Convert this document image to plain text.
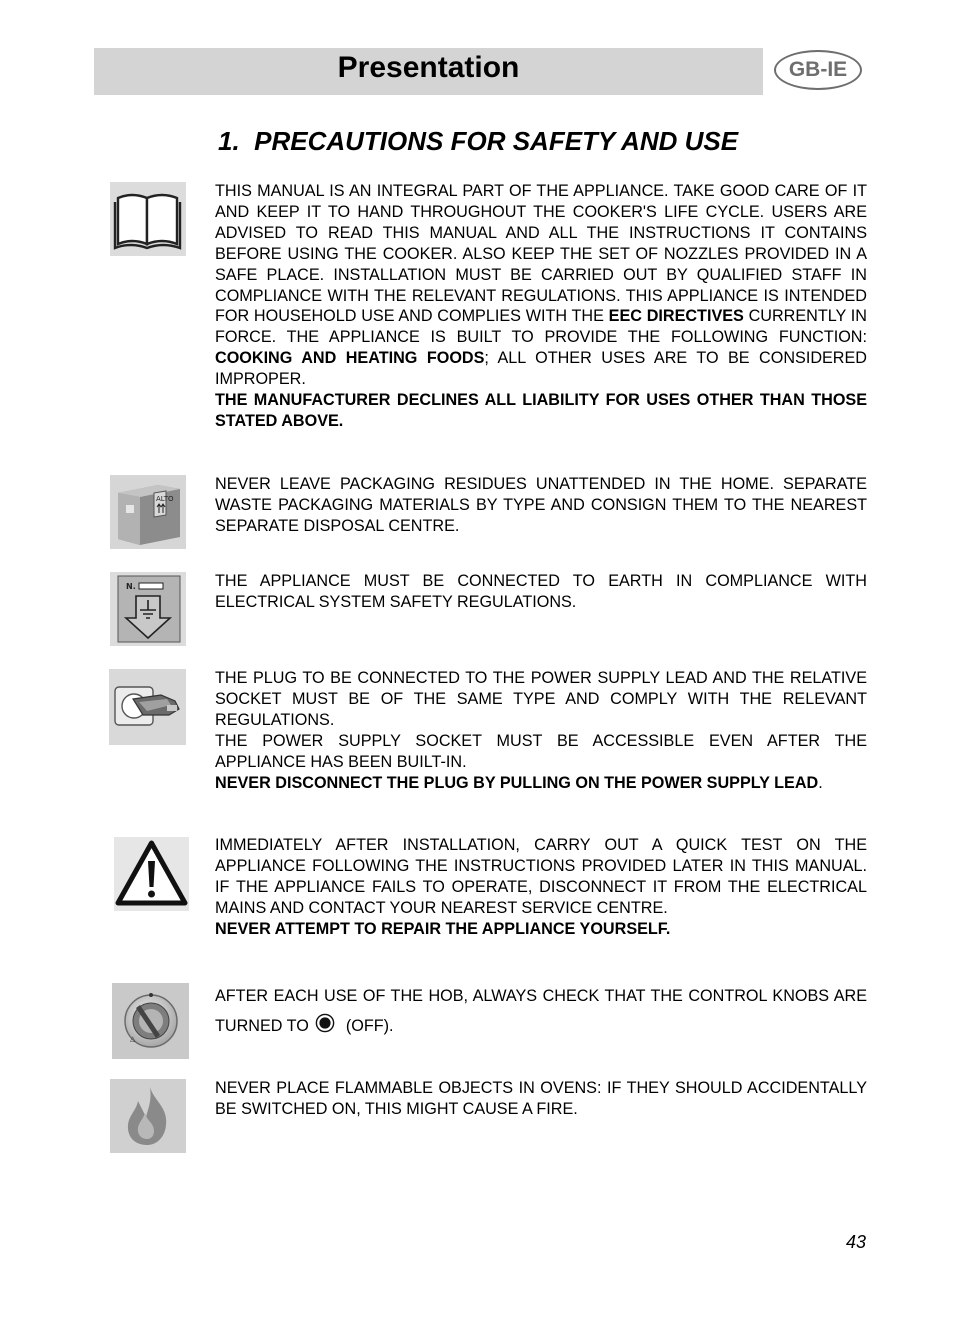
Presentation	GB-IE
1. PRECAUTIONS FOR SAFETY AND USE

THIS MANUAL IS AN INTEGRAL PART OF THE APPLIANCE. TAKE GOOD CARE OF IT AND KEEP IT TO HAND THROUGHOUT THE COOKER'S LIFE CYCLE. USERS ARE ADVISED TO READ THIS MANUAL AND ALL THE INSTRUCTIONS IT CONTAINS BEFORE USING THE COOKER. ALSO KEEP THE SET OF NOZZLES PROVIDED IN A SAFE PLACE. INSTALLATION MUST BE CARRIED OUT BY QUALIFIED STAFF IN COMPLIANCE WITH THE RELEVANT REGULATIONS. THIS APPLIANCE IS INTENDED FOR HOUSEHOLD USE AND COMPLIES WITH THE EEC DIRECTIVES CURRENTLY IN FORCE. THE APPLIANCE IS BUILT TO PROVIDE THE FOLLOWING FUNCTION: COOKING AND HEATING FOODS; ALL OTHER USES ARE TO BE CONSIDERED IMPROPER.

THE MANUFACTURER DECLINES ALL LIABILITY FOR USES OTHER THAN THOSE STATED ABOVE.

ALTO

NEVER LEAVE PACKAGING RESIDUES UNATTENDED IN THE HOME. SEPARATE WASTE PACKAGING MATERIALS BY TYPE AND CONSIGN THEM TO THE NEAREST SEPARATE DISPOSAL CENTRE.

N.	THE APPLIANCE MUST BE CONNECTED TO EARTH IN COMPLIANCE WITH ELECTRICAL SYSTEM SAFETY REGULATIONS.

THE PLUG TO BE CONNECTED TO THE POWER SUPPLY LEAD AND THE RELATIVE SOCKET MUST BE OF THE SAME TYPE AND COMPLY WITH THE RELEVANT REGULATIONS.

THE POWER SUPPLY SOCKET MUST BE ACCESSIBLE EVEN AFTER THE APPLIANCE HAS BEEN BUILT-IN.

NEVER DISCONNECT THE PLUG BY PULLING ON THE POWER SUPPLY LEAD.

IMMEDIATELY AFTER INSTALLATION, CARRY OUT A QUICK TEST ON THE APPLIANCE FOLLOWING THE INSTRUCTIONS PROVIDED LATER IN THIS MANUAL. IF THE APPLIANCE FAILS TO OPERATE, DISCONNECT IT FROM THE ELECTRICAL MAINS AND CONTACT YOUR NEAREST SERVICE CENTRE.

NEVER ATTEMPT TO REPAIR THE APPLIANCE YOURSELF.

△

AFTER EACH USE OF THE HOB, ALWAYS CHECK THAT THE CONTROL KNOBS ARE TURNED TO (OFF).

NEVER PLACE FLAMMABLE OBJECTS IN OVENS: IF THEY SHOULD ACCIDENTALLY BE SWITCHED ON, THIS MIGHT CAUSE A FIRE.

43
